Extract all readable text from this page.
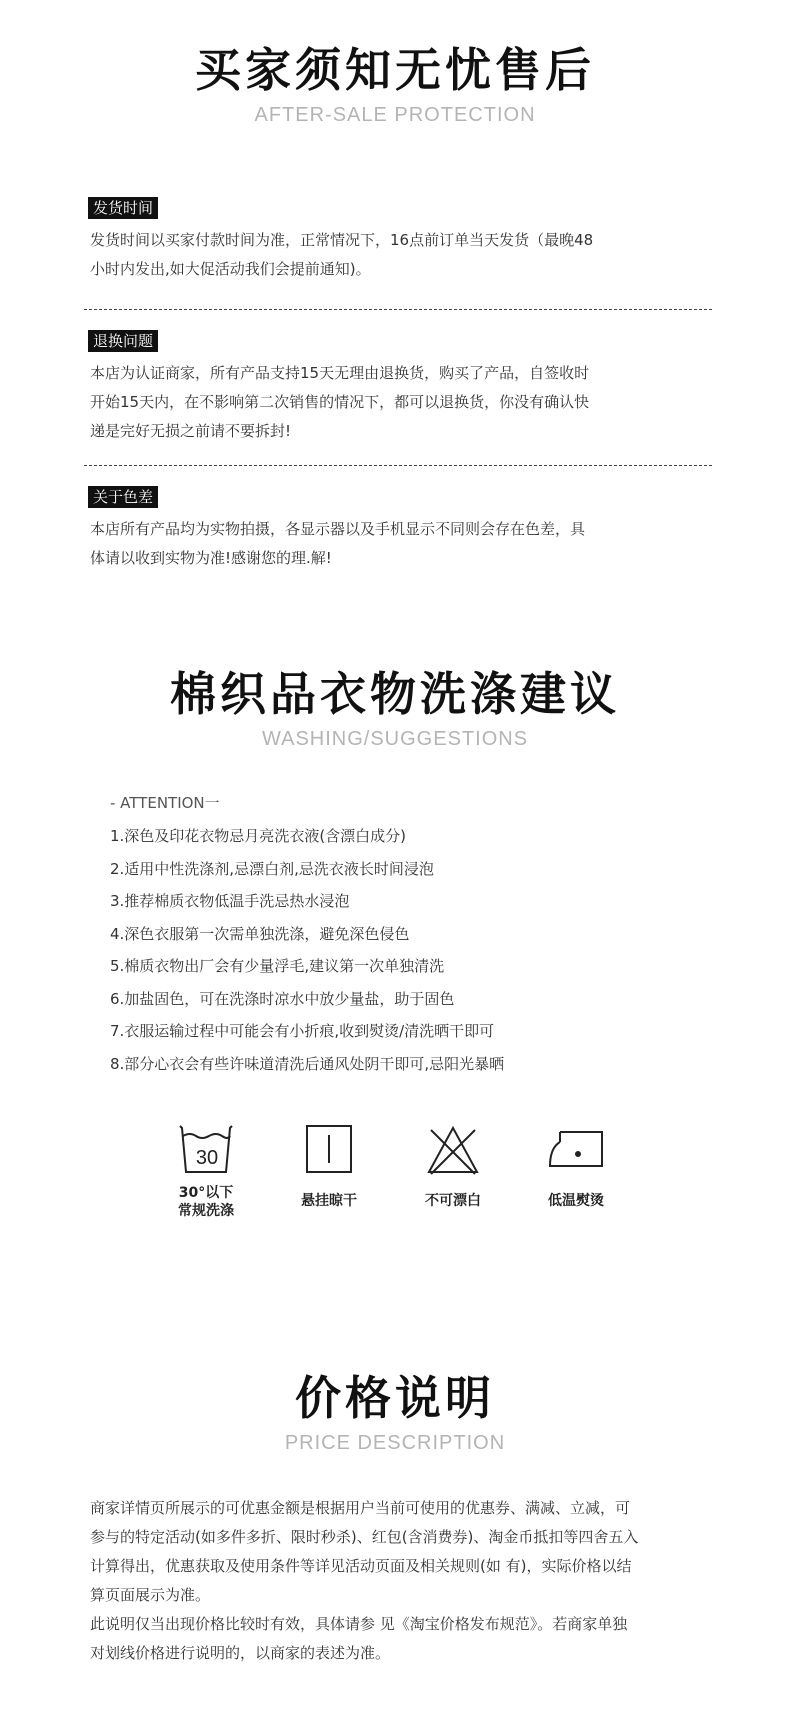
买家须知无忧售后
AFTER-SALE PROTECTION
发货时间
发货时间以买家付款时间为准，正常情况下，16点前订单当天发货（最晚48
小时内发出,如大促活动我们会提前通知)。
退换问题
本店为认证商家，所有产品支持15天无理由退换货，购买了产品，自签收时
开始15天内，在不影响第二次销售的情况下，都可以退换货，你没有确认快
递是完好无损之前请不要拆封!
关于色差
本店所有产品均为实物拍摄，各显示器以及手机显示不同则会存在色差，具
体请以收到实物为准!感谢您的理.解!
棉织品衣物洗涤建议
WASHING/SUGGESTIONS
- ATTENTION一
1.深色及印花衣物忌月亮洗衣液(含漂白成分)
2.适用中性洗涤剂,忌漂白剂,忌洗衣液长时间浸泡
3.推荐棉质衣物低温手洗忌热水浸泡
4.深色衣服第一次需单独洗涤，避免深色侵色
5.棉质衣物出厂会有少量浮毛,建议第一次单独清洗
6.加盐固色，可在洗涤时凉水中放少量盐，助于固色
7.衣服运输过程中可能会有小折痕,收到熨烫/清洗晒干即可
8.部分心衣会有些许味道清洗后通风处阴干即可,忌阳光暴晒
30
30°以下
常规洗涤
悬挂晾干	不可漂白	低温熨烫
价格说明
PRICE DESCRIPTION
商家详情页所展示的可优惠金额是根据用户当前可使用的优惠券、满减、立减，可
参与的特定活动(如多件多折、限时秒杀)、红包(含消费券)、淘金币抵扣等四舍五入
计算得出，优惠获取及使用条件等详见活动页面及相关规则(如 有)，实际价格以结
算页面展示为准。
此说明仅当出现价格比较时有效，具体请参 见《淘宝价格发布规范》。若商家单独
对划线价格进行说明的，以商家的表述为准。
